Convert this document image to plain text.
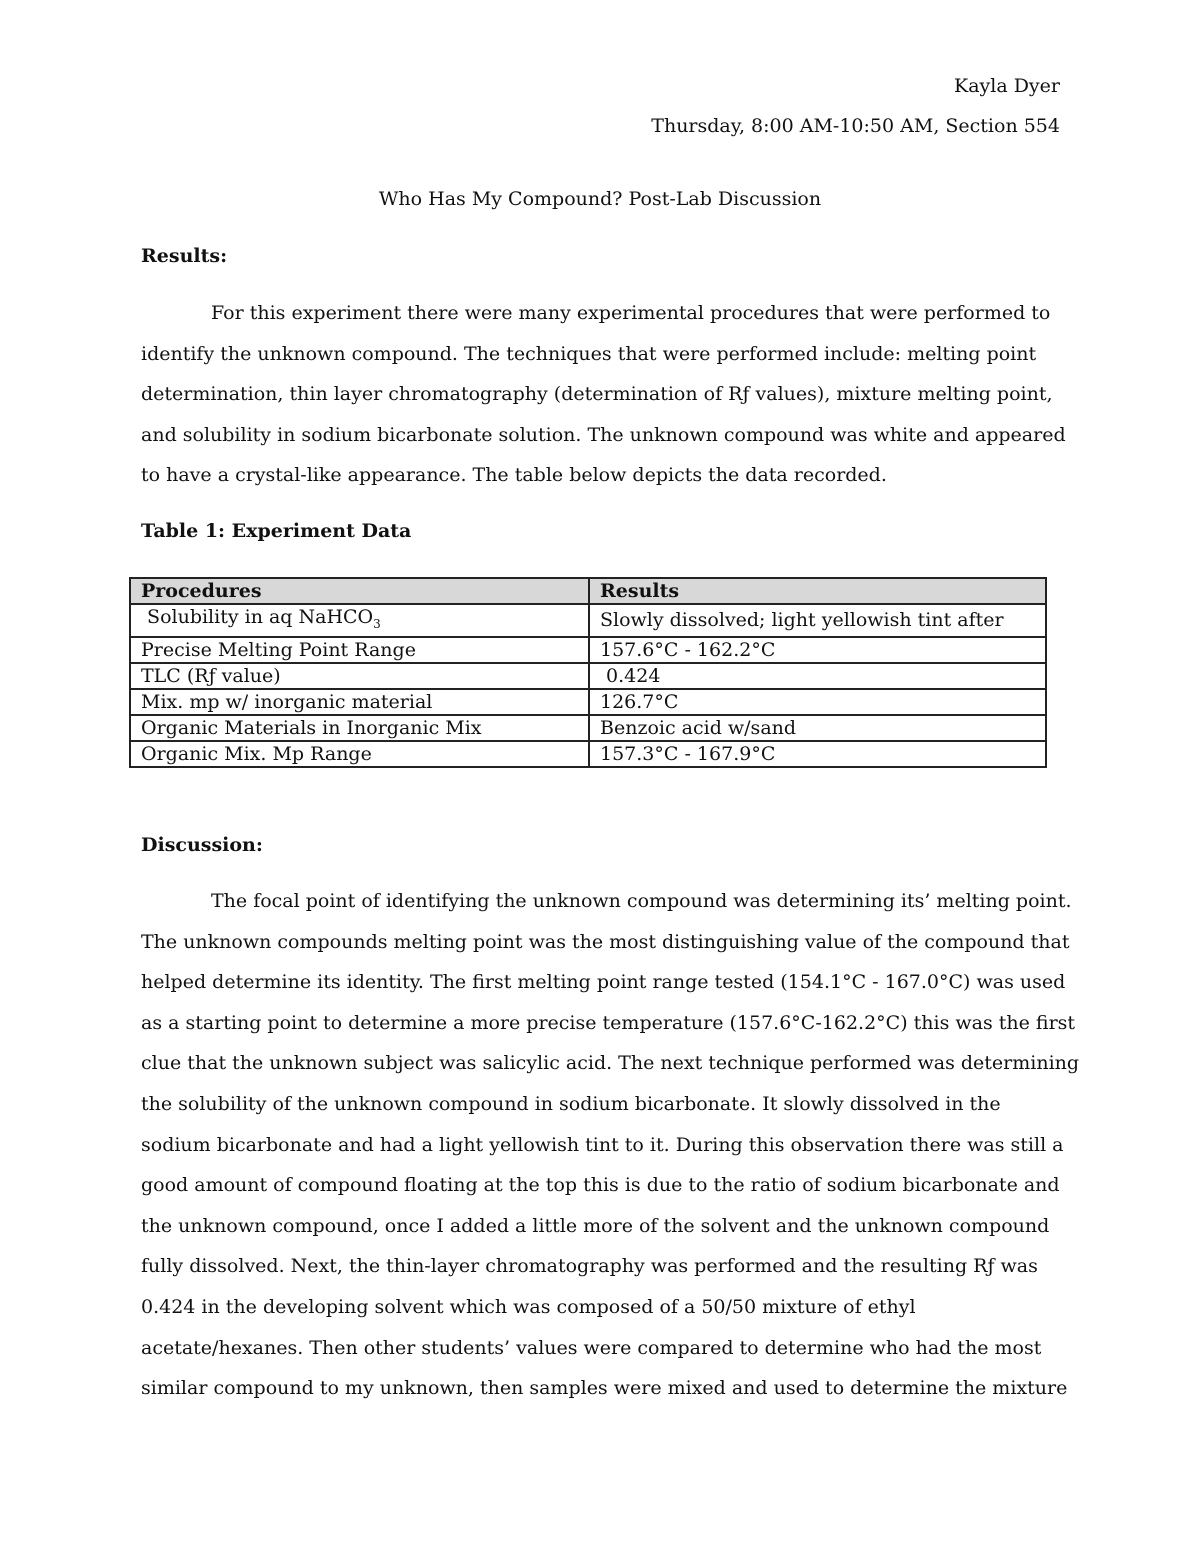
Kayla Dyer
Thursday, 8:00 AM-10:50 AM, Section 554
Who Has My Compound? Post-Lab Discussion
Results:
For this experiment there were many experimental procedures that were performed to
identify the unknown compound. The techniques that were performed include: melting point
determination, thin layer chromatography (determination of Rƒ values), mixture melting point,
and solubility in sodium bicarbonate solution. The unknown compound was white and appeared
to have a crystal-like appearance. The table below depicts the data recorded.
Table 1: Experiment Data
Procedures	Results
Solubility in aq NaHCO$_3$	Slowly dissolved; light yellowish tint after
Precise Melting Point Range	157.6°C - 162.2°C
TLC (Rƒ value)	0.424
Mix. mp w/ inorganic material	126.7°C
Organic Materials in Inorganic Mix	Benzoic acid w/sand
Organic Mix. Mp Range	157.3°C - 167.9°C
Discussion:
The focal point of identifying the unknown compound was determining its’ melting point.
The unknown compounds melting point was the most distinguishing value of the compound that
helped determine its identity. The first melting point range tested (154.1°C - 167.0°C) was used
as a starting point to determine a more precise temperature (157.6°C-162.2°C) this was the first
clue that the unknown subject was salicylic acid. The next technique performed was determining
the solubility of the unknown compound in sodium bicarbonate. It slowly dissolved in the
sodium bicarbonate and had a light yellowish tint to it. During this observation there was still a
good amount of compound floating at the top this is due to the ratio of sodium bicarbonate and
the unknown compound, once I added a little more of the solvent and the unknown compound
fully dissolved. Next, the thin-layer chromatography was performed and the resulting Rƒ was
0.424 in the developing solvent which was composed of a 50/50 mixture of ethyl
acetate/hexanes. Then other students’ values were compared to determine who had the most
similar compound to my unknown, then samples were mixed and used to determine the mixture
